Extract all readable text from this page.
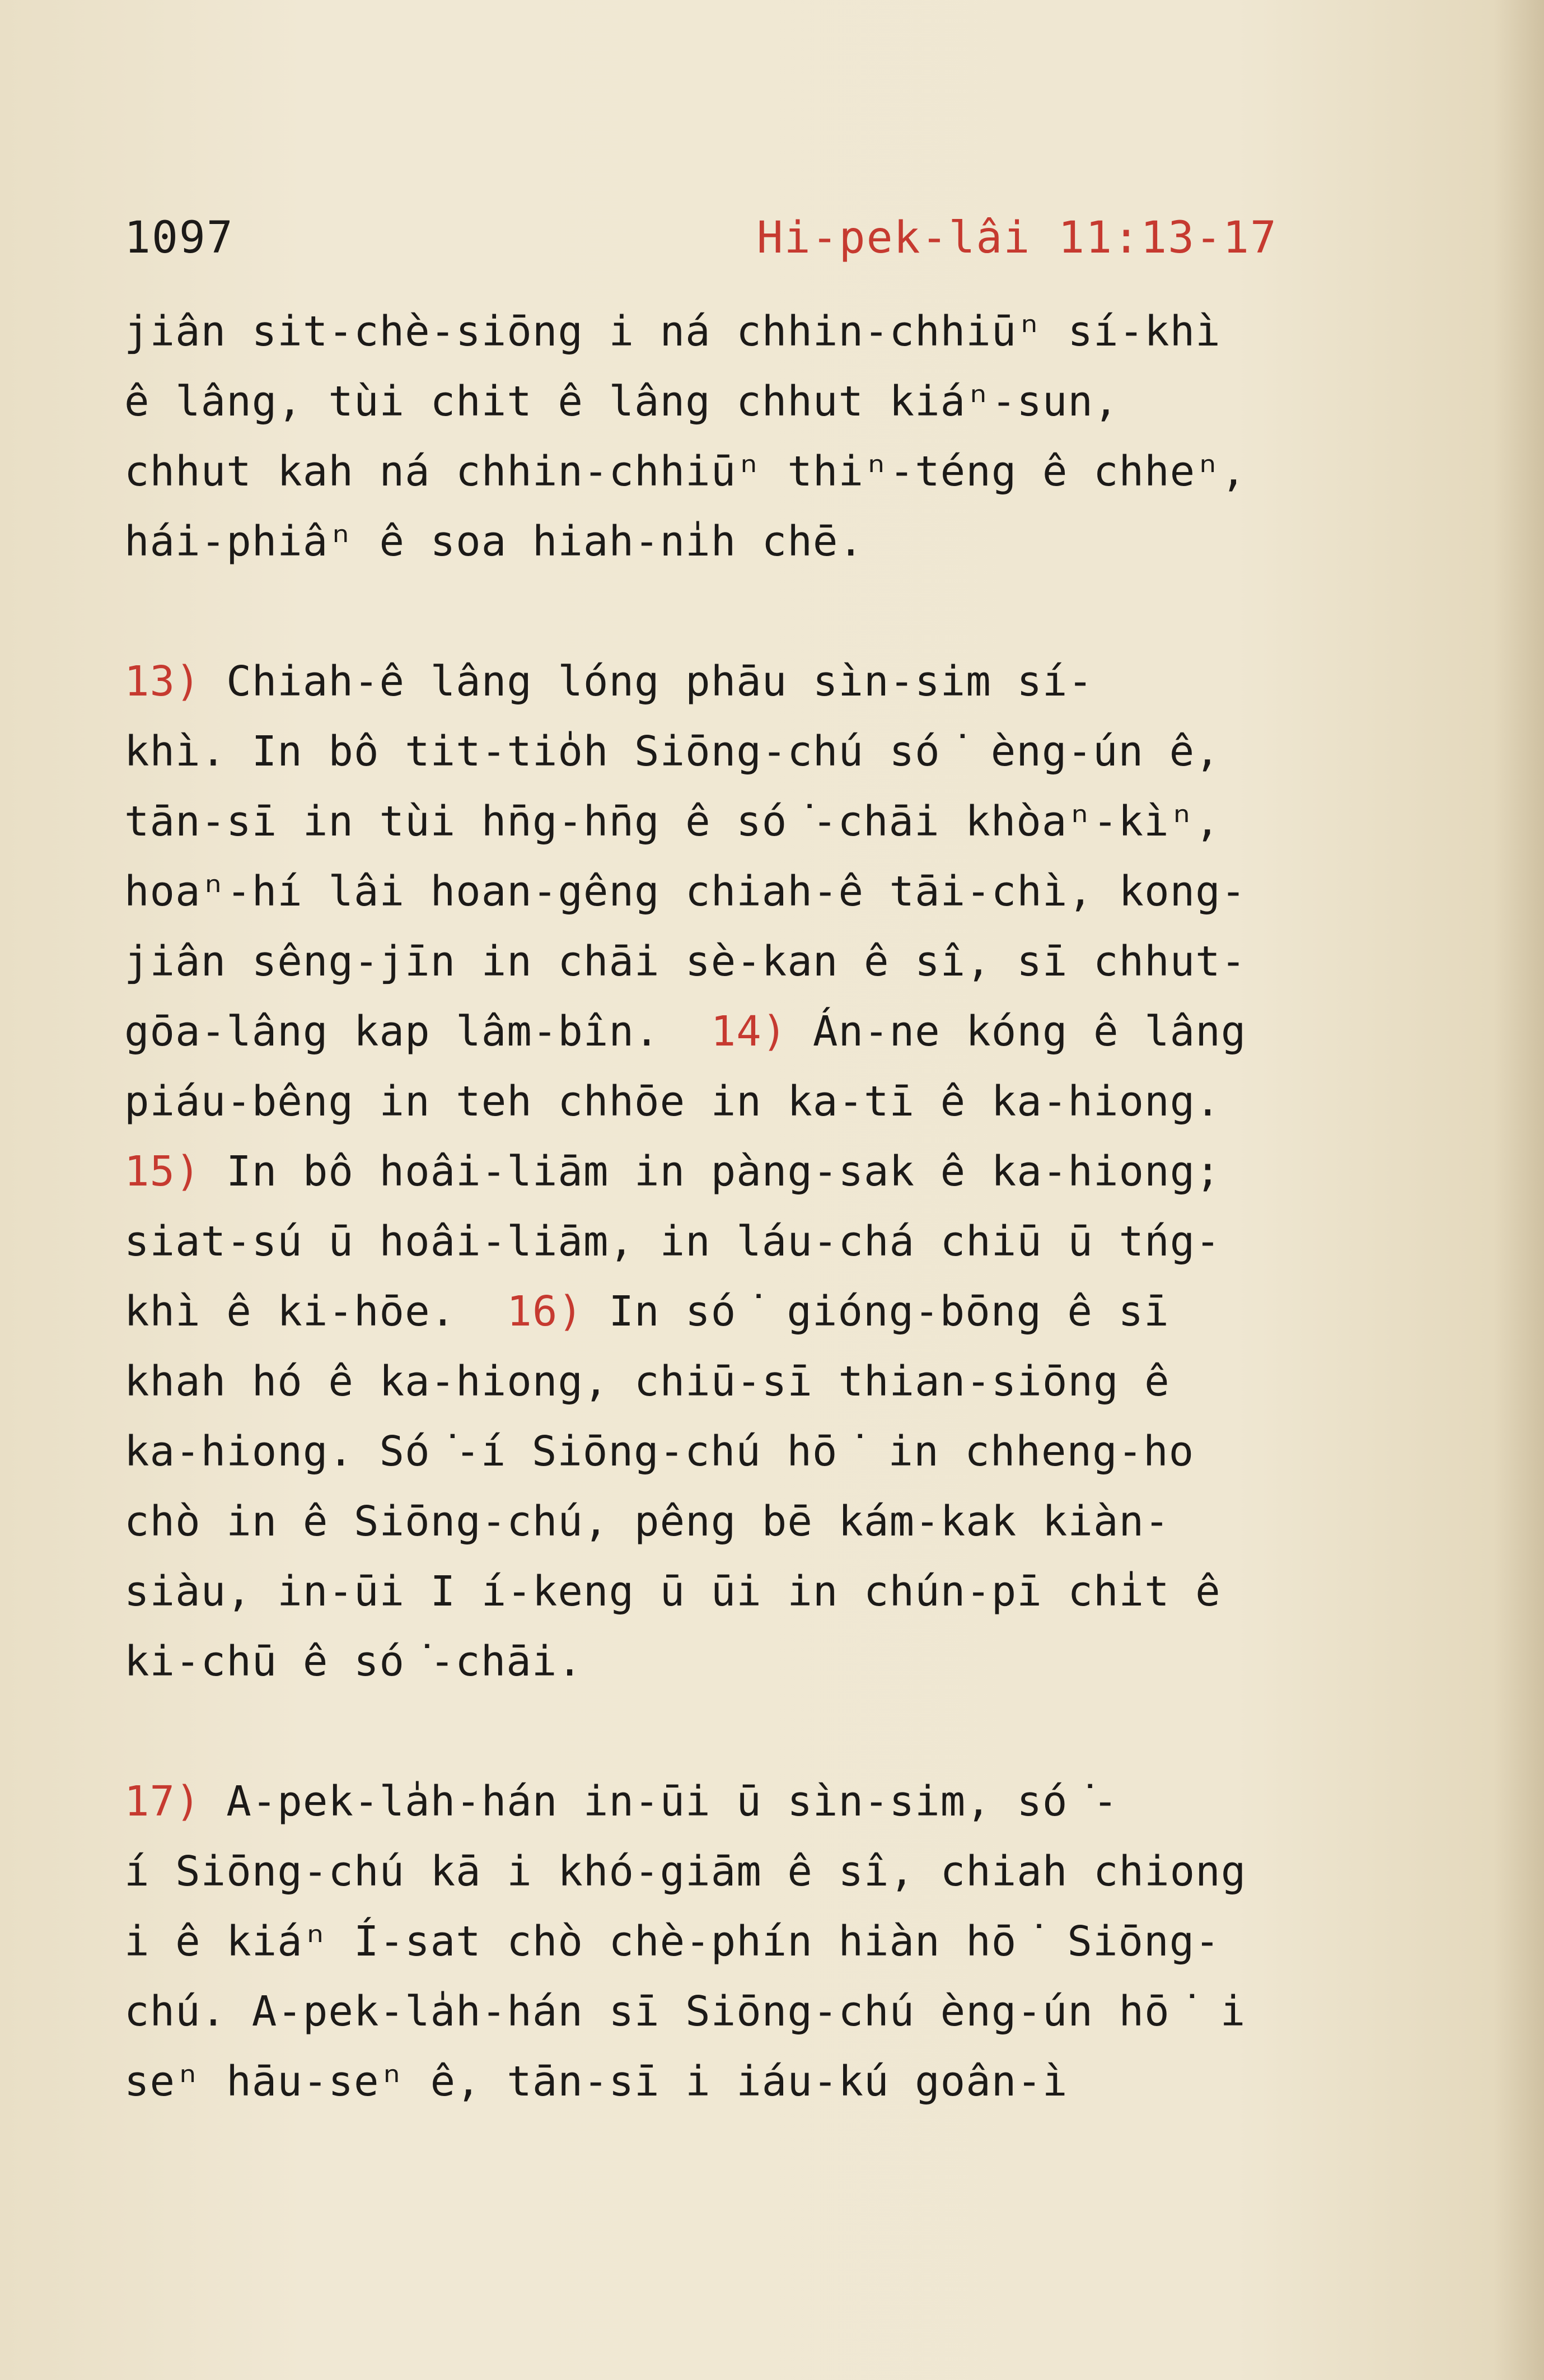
1097	Hi-pek-lâi 11:13-17
jiân sit-chè-siōng i ná chhin-chhiūⁿ sí-khì
ê lâng, tùi chit ê lâng chhut kiáⁿ-sun,
chhut kah ná chhin-chhiūⁿ thiⁿ-téng ê chheⁿ,
hái-phiâⁿ ê soa hiah-ni̍h chē.
13) Chiah-ê lâng lóng phāu sìn-sim sí-
khì. In bô tit-tio̍h Siōng-chú só͘ èng-ún ê,
tān-sī in tùi hn̄g-hn̄g ê só͘-chāi khòaⁿ-kìⁿ,
hoaⁿ-hí lâi hoan-gêng chiah-ê tāi-chì, kong-
jiân sêng-jīn in chāi sè-kan ê sî, sī chhut-
gōa-lâng kap lâm-bîn.  14) Án-ne kóng ê lâng
piáu-bêng in teh chhōe in ka-tī ê ka-hiong.
15) In bô hoâi-liām in pàng-sak ê ka-hiong;
siat-sú ū hoâi-liām, in láu-chá chiū ū tńg-
khì ê ki-hōe.  16) In só͘ gióng-bōng ê sī
khah hó ê ka-hiong, chiū-sī thian-siōng ê
ka-hiong. Só͘-í Siōng-chú hō͘ in chheng-ho
chò in ê Siōng-chú, pêng bē kám-kak kiàn-
siàu, in-ūi I í-keng ū ūi in chún-pī chi̍t ê
ki-chū ê só͘-chāi.
17) A-pek-la̍h-hán in-ūi ū sìn-sim, só͘-
í Siōng-chú kā i khó-giām ê sî, chiah chiong
i ê kiáⁿ Í-sat chò chè-phín hiàn hō͘ Siōng-
chú. A-pek-la̍h-hán sī Siōng-chú èng-ún hō͘ i
seⁿ hāu-seⁿ ê, tān-sī i iáu-kú goân-ì
